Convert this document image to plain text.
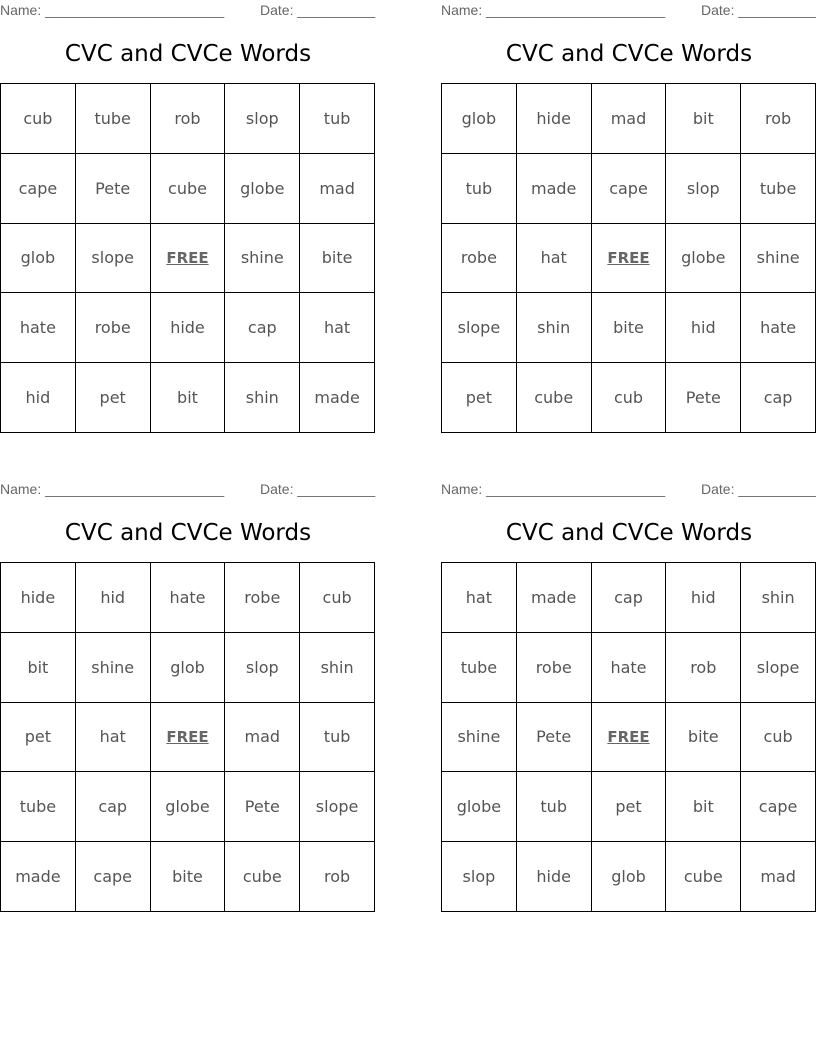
Name: _______________________	Date: __________
CVC and CVCe Words
cub	tube	rob	slop	tub
cape	Pete	cube	globe	mad
glob	slope	FREE	shine	bite
hate	robe	hide	cap	hat
hid	pet	bit	shin	made
Name: _______________________	Date: __________
CVC and CVCe Words
glob	hide	mad	bit	rob
tub	made	cape	slop	tube
robe	hat	FREE	globe	shine
slope	shin	bite	hid	hate
pet	cube	cub	Pete	cap
Name: _______________________	Date: __________
CVC and CVCe Words
hide	hid	hate	robe	cub
bit	shine	glob	slop	shin
pet	hat	FREE	mad	tub
tube	cap	globe	Pete	slope
made	cape	bite	cube	rob
Name: _______________________	Date: __________
CVC and CVCe Words
hat	made	cap	hid	shin
tube	robe	hate	rob	slope
shine	Pete	FREE	bite	cub
globe	tub	pet	bit	cape
slop	hide	glob	cube	mad
